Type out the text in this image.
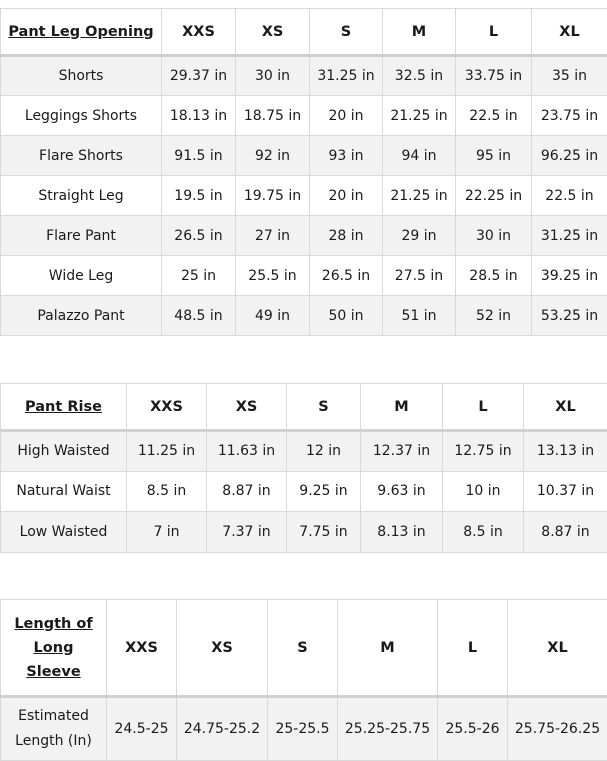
Pant Leg Opening	XXS	XS	S	M	L	XL
Shorts	29.37 in	30 in	31.25 in	32.5 in	33.75 in	35 in
Leggings Shorts	18.13 in	18.75 in	20 in	21.25 in	22.5 in	23.75 in
Flare Shorts	91.5 in	92 in	93 in	94 in	95 in	96.25 in
Straight Leg	19.5 in	19.75 in	20 in	21.25 in	22.25 in	22.5 in
Flare Pant	26.5 in	27 in	28 in	29 in	30 in	31.25 in
Wide Leg	25 in	25.5 in	26.5 in	27.5 in	28.5 in	39.25 in
Palazzo Pant	48.5 in	49 in	50 in	51 in	52 in	53.25 in
Pant Rise	XXS	XS	S	M	L	XL
High Waisted	11.25 in	11.63 in	12 in	12.37 in	12.75 in	13.13 in
Natural Waist	8.5 in	8.87 in	9.25 in	9.63 in	10 in	10.37 in
Low Waisted	7 in	7.37 in	7.75 in	8.13 in	8.5 in	8.87 in
Length of
Long
Sleeve	XXS	XS	S	M	L	XL
Estimated
Length (In)	24.5-25	24.75-25.2	25-25.5	25.25-25.75	25.5-26	25.75-26.25
